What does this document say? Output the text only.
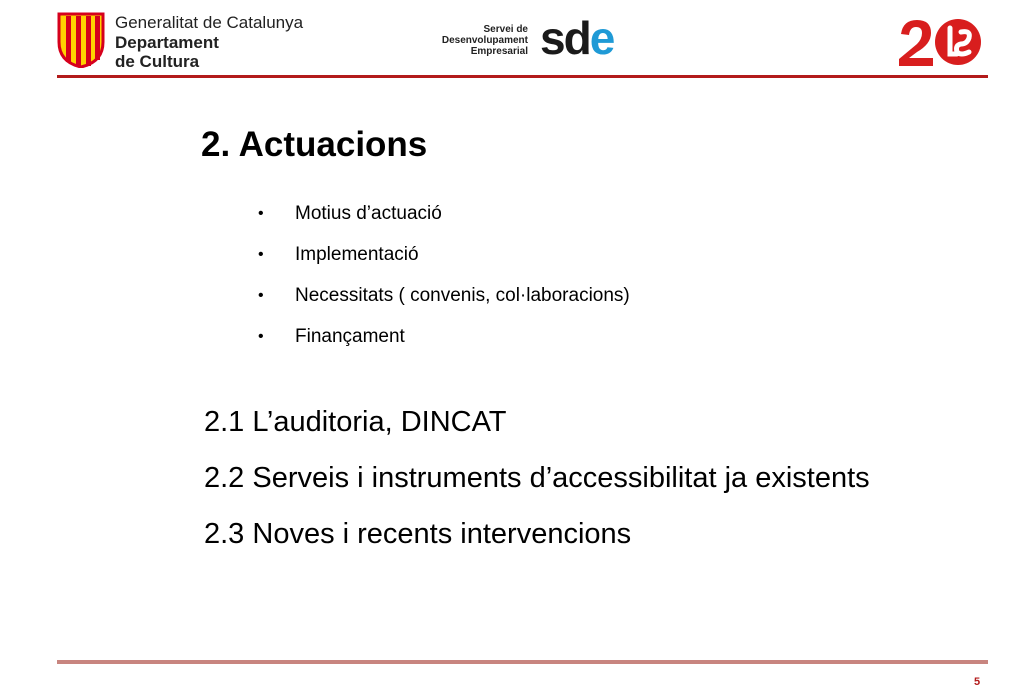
Generalitat de Catalunya
Departament
de Cultura
Servei de
Desenvolupament
Empresarial sde
2. Actuacions
• Motius d’actuació
• Implementació
• Necessitats ( convenis, col·laboracions)
• Finançament
2.1 L’auditoria, DINCAT
2.2 Serveis i instruments d’accessibilitat ja existents
2.3 Noves i recents intervencions
5
